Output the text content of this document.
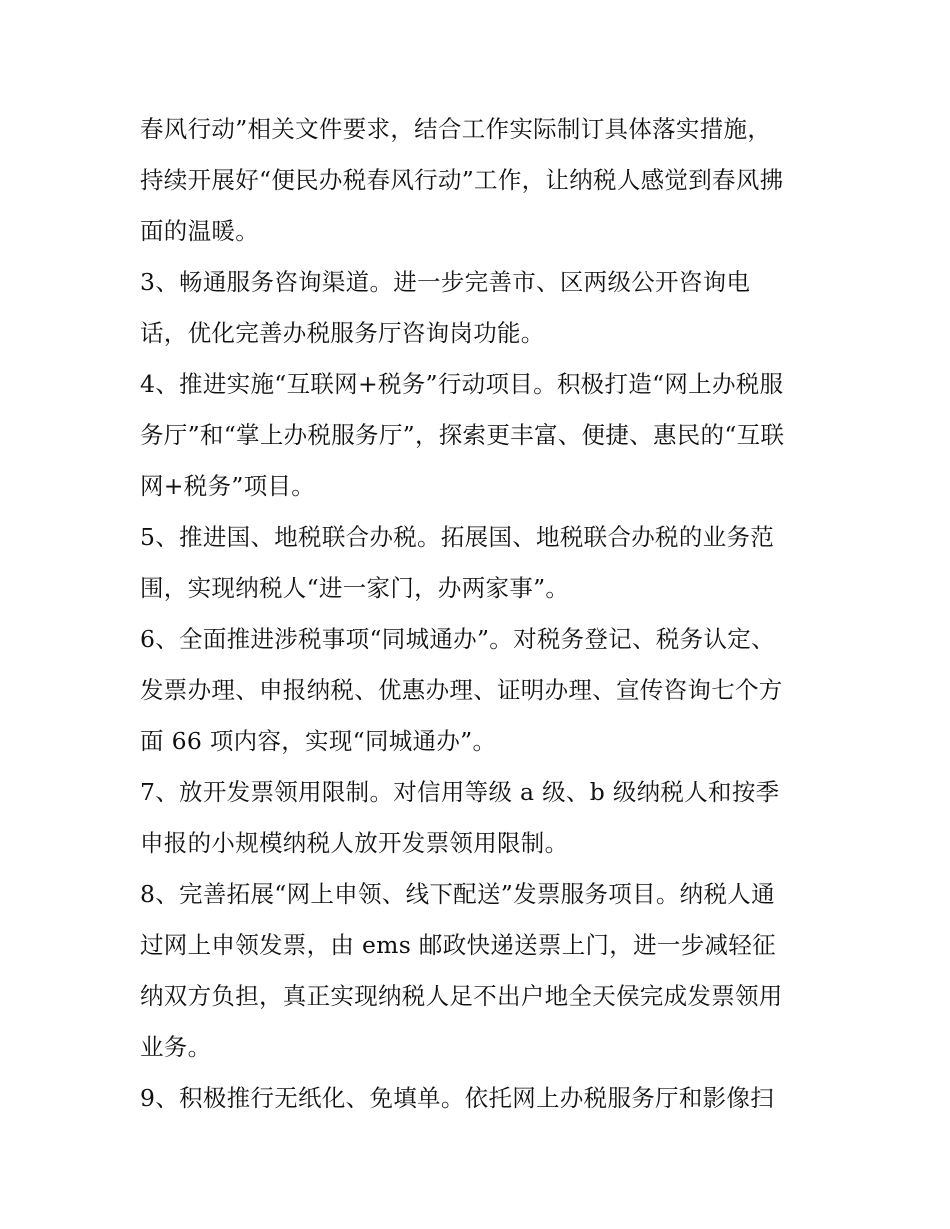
春风行动”相关文件要求，结合工作实际制订具体落实措施，
持续开展好“便民办税春风行动”工作，让纳税人感觉到春风拂
面的温暖。
3、畅通服务咨询渠道。进一步完善市、区两级公开咨询电
话，优化完善办税服务厅咨询岗功能。
4、推进实施“互联网+税务”行动项目。积极打造“网上办税服
务厅”和“掌上办税服务厅”，探索更丰富、便捷、惠民的“互联
网+税务”项目。
5、推进国、地税联合办税。拓展国、地税联合办税的业务范
围，实现纳税人“进一家门，办两家事”。
6、全面推进涉税事项“同城通办”。对税务登记、税务认定、
发票办理、申报纳税、优惠办理、证明办理、宣传咨询七个方
面 66 项内容，实现“同城通办”。
7、放开发票领用限制。对信用等级 a 级、b 级纳税人和按季
申报的小规模纳税人放开发票领用限制。
8、完善拓展“网上申领、线下配送”发票服务项目。纳税人通
过网上申领发票，由 ems 邮政快递送票上门，进一步减轻征
纳双方负担，真正实现纳税人足不出户地全天侯完成发票领用
业务。
9、积极推行无纸化、免填单。依托网上办税服务厅和影像扫
